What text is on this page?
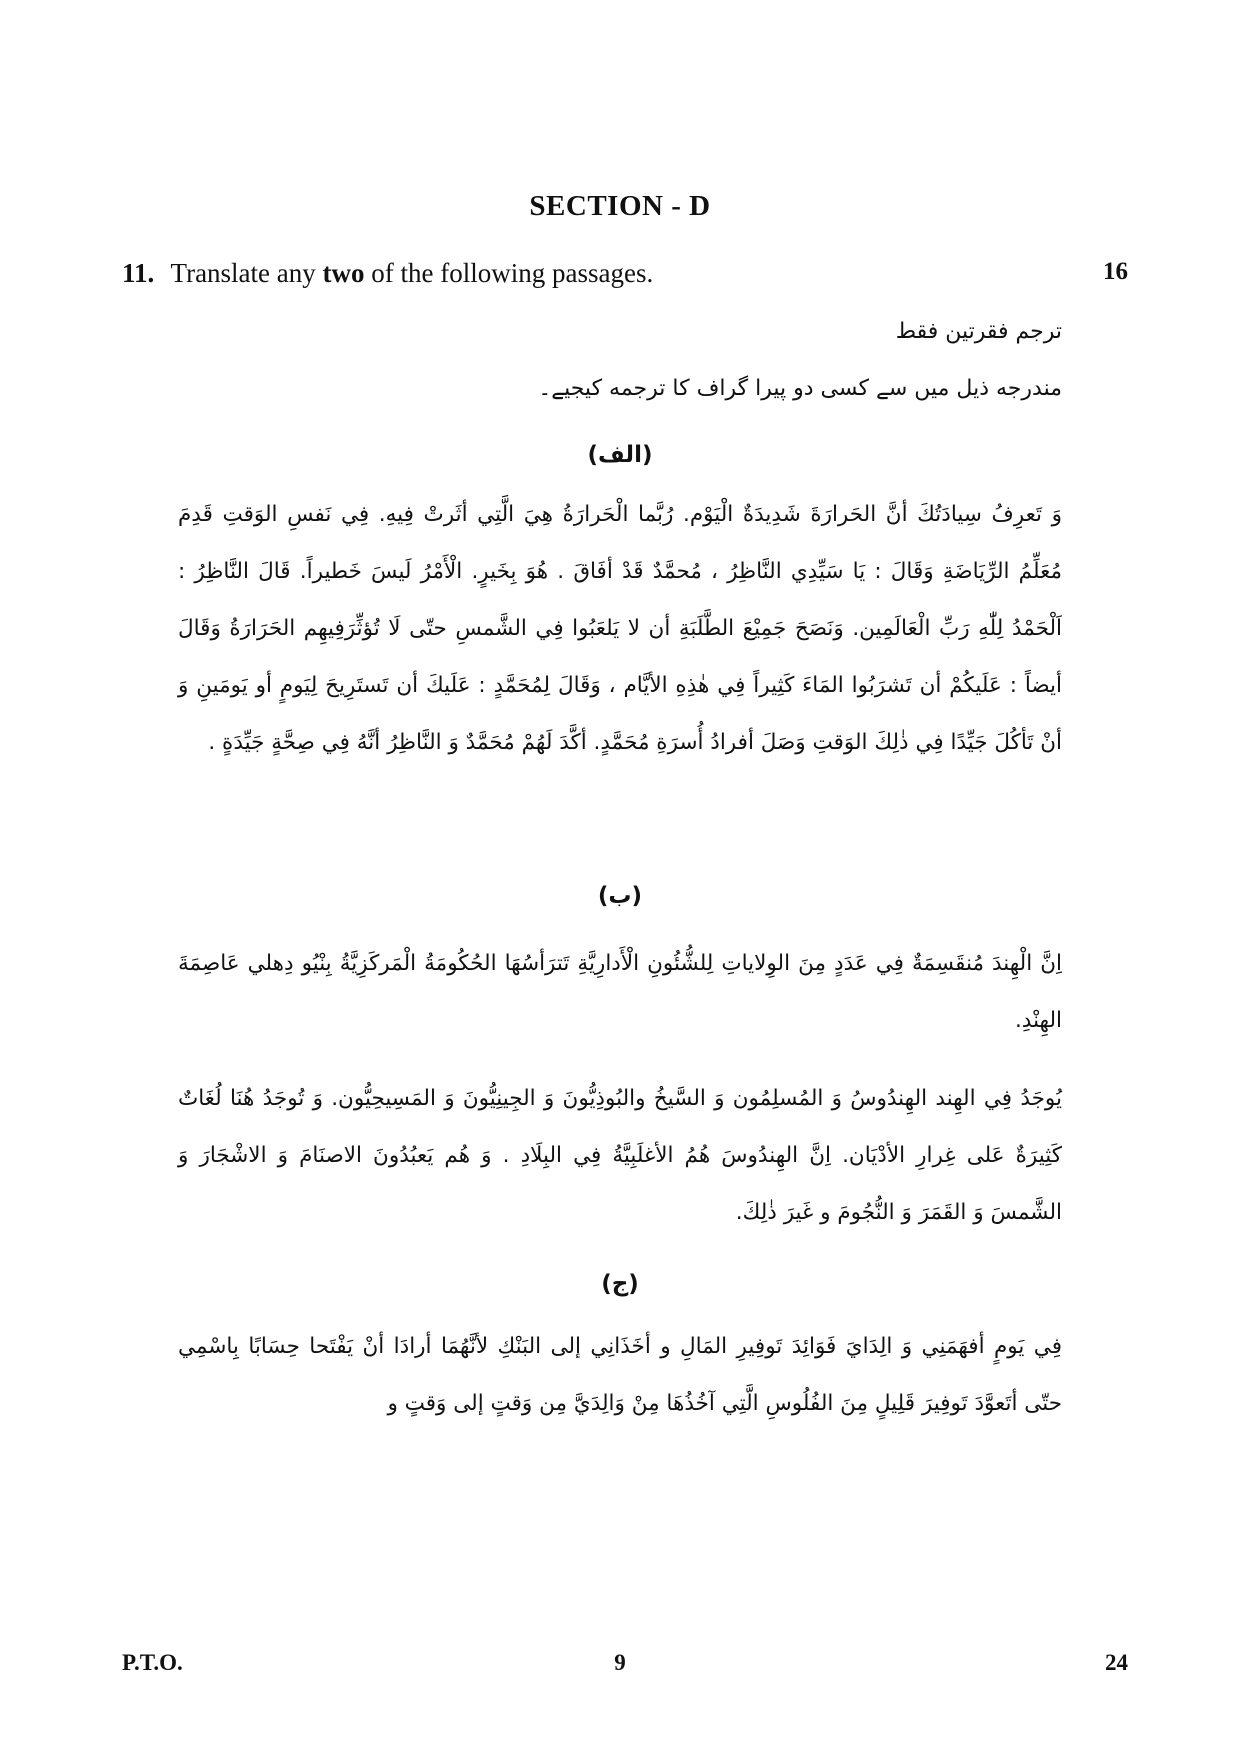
SECTION - D
11. Translate any two of the following passages.	16
ترجم فقرتين فقط
مندرجه ذیل میں سے کسی دو پیرا گراف کا ترجمه کیجیے۔
(الف)
وَ تَعرِفُ سِيادَتُكَ أنَّ الحَرارَةَ شَدِيدَةٌ الْيَوْم. رُبَّما الْحَرارَةُ هِيَ الَّتِي أثَرتْ فِيهِ. فِي نَفسِ الوَقتِ قَدِمَ مُعَلِّمُ الرِّيَاضَةِ وَقَالَ : يَا سَيِّدِي النَّاظِرُ ، مُحمَّدٌ قَدْ أفَاقَ . هُوَ بِخَيرٍ. الْأَمْرُ لَيسَ خَطيراً. قَالَ النَّاظِرُ : اَلْحَمْدُ لِلّٰهِ رَبِّ الْعَالَمِين. وَنَصَحَ جَمِيْعَ الطَّلَبَةِ أن لا يَلعَبُوا فِي الشَّمسِ حتّى لَا تُؤثِّرَفِيهِم الحَرَارَةُ وَقَالَ أيضاً : عَلَيكُمْ أن تَشرَبُوا المَاءَ كَثِيراً فِي هٰذِهِ الأيَّام ، وَقَالَ لِمُحَمَّدٍ : عَلَيكَ أن تَستَرِيحَ لِيَومٍ أو يَومَينِ وَ أنْ تَأكُلَ جَيِّدًا فِي ذٰلِكَ الوَقتِ وَصَلَ أفرادُ أُسرَةِ مُحَمَّدٍ. أكَّدَ لَهُمْ مُحَمَّدٌ وَ النَّاظِرُ أنَّهُ فِي صِحَّةٍ جَيِّدَةٍ .
(ب)
اِنَّ الْهِندَ مُنقَسِمَةٌ فِي عَدَدٍ مِنَ الوِلاياتِ لِلشُّئُونِ الْأَدارِيَّةِ تَترَأسُهَا الحُكُومَةُ الْمَركَزِيَّةُ بِنْيُو دِهلي عَاصِمَةَ الهِنْدِ.
يُوجَدُ فِي الهِند الهِندُوسُ وَ المُسلِمُون وَ السَّيخُ والبُوذِيُّونَ وَ الجِينِيُّونَ وَ المَسِيحِيُّون. وَ تُوجَدُ هُنَا لُغَاتٌ كَثِيرَةٌ عَلى غِرارِ الأدْيَان. اِنَّ الهِندُوسَ هُمُ الأغلَبِيَّةُ فِي البِلَادِ . وَ هُم يَعبُدُونَ الاصنَامَ وَ الاشْجَارَ وَ الشَّمسَ وَ القَمَرَ وَ النُّجُومَ و غَيرَ ذٰلِكَ.
(ج)
فِي يَومٍ أفهَمَنِي وَ الِدَايَ فَوَائِدَ تَوفِيرِ المَالِ و أخَذَانِي إلى البَنْكِ لأنَّهُمَا أرادَا أنْ يَفْتَحا حِسَابًا بِاسْمِي حتّى أتَعوَّدَ تَوفِيرَ قَلِيلٍ مِنَ الفُلُوسِ الَّتِي آخُذُهَا مِنْ وَالِدَيَّ مِن وَقتٍ إلى وَقتٍ و
P.T.O.	9	24
